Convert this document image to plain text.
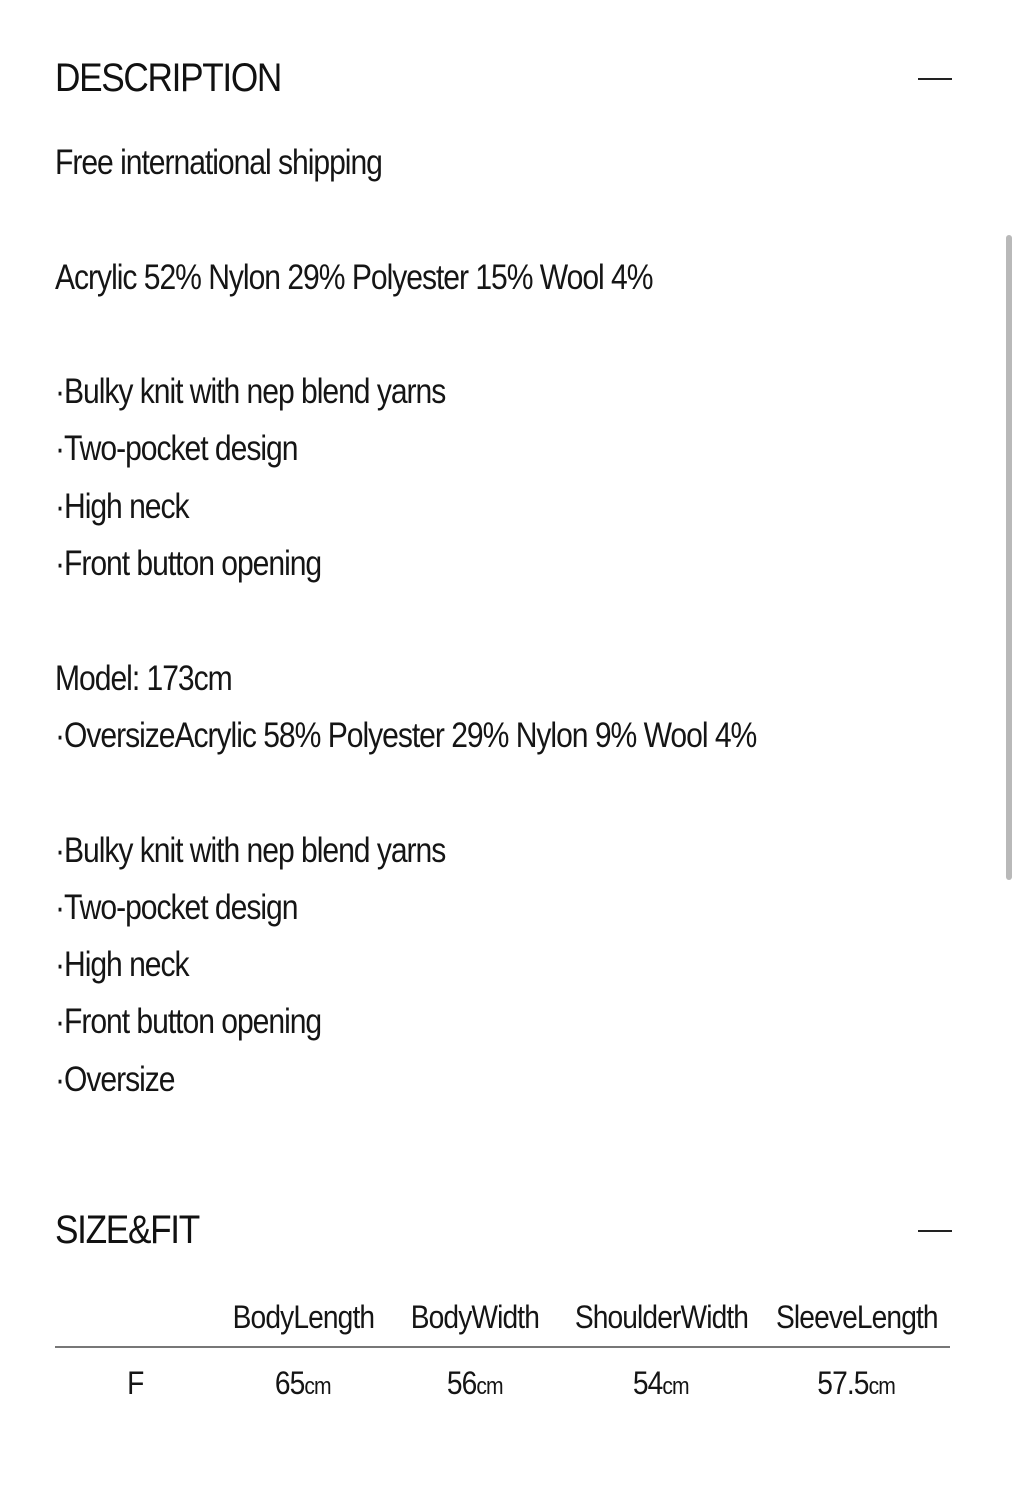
DESCRIPTION
Free international shipping
Acrylic 52% Nylon 29% Polyester 15% Wool 4%
·Bulky knit with nep blend yarns
·Two-pocket design
·High neck
·Front button opening
Model: 173cm
·OversizeAcrylic 58% Polyester 29% Nylon 9% Wool 4%
·Bulky knit with nep blend yarns
·Two-pocket design
·High neck
·Front button opening
·Oversize
SIZE&FIT
	BodyLength	BodyWidth	ShoulderWidth	SleeveLength
F	65cm	56cm	54cm	57.5cm
